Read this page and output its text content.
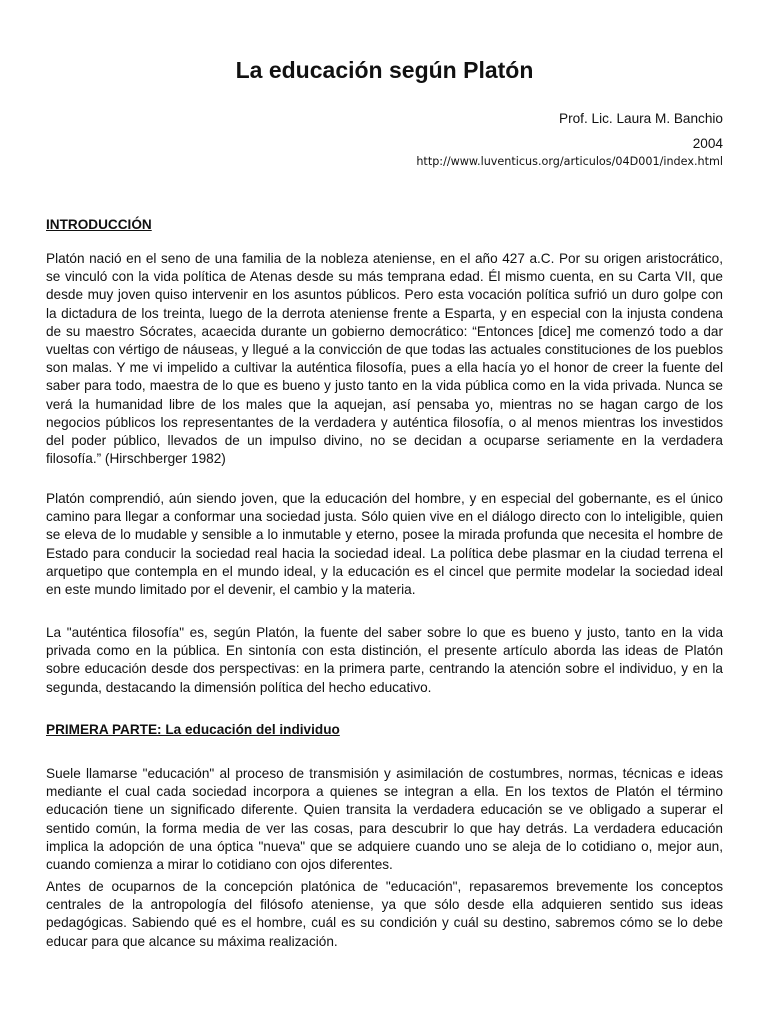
La educación según Platón
Prof. Lic. Laura M. Banchio
2004
http://www.luventicus.org/articulos/04D001/index.html
INTRODUCCIÓN

Platón nació en el seno de una familia de la nobleza ateniense, en el año 427 a.C. Por su origen aristocrático, se vinculó con la vida política de Atenas desde su más temprana edad. Él mismo cuenta, en su Carta VII, que desde muy joven quiso intervenir en los asuntos públicos. Pero esta vocación política sufrió un duro golpe con la dictadura de los treinta, luego de la derrota ateniense frente a Esparta, y en especial con la injusta condena de su maestro Sócrates, acaecida durante un gobierno democrático: “Entonces [dice] me comenzó todo a dar vueltas con vértigo de náuseas, y llegué a la convicción de que todas las actuales constituciones de los pueblos son malas. Y me vi impelido a cultivar la auténtica filosofía, pues a ella hacía yo el honor de creer la fuente del saber para todo, maestra de lo que es bueno y justo tanto en la vida pública como en la vida privada. Nunca se verá la humanidad libre de los males que la aquejan, así pensaba yo, mientras no se hagan cargo de los negocios públicos los representantes de la verdadera y auténtica filosofía, o al menos mientras los investidos del poder público, llevados de un impulso divino, no se decidan a ocuparse seriamente en la verdadera filosofía.” (Hirschberger 1982)

Platón comprendió, aún siendo joven, que la educación del hombre, y en especial del gobernante, es el único camino para llegar a conformar una sociedad justa. Sólo quien vive en el diálogo directo con lo inteligible, quien se eleva de lo mudable y sensible a lo inmutable y eterno, posee la mirada profunda que necesita el hombre de Estado para conducir la sociedad real hacia la sociedad ideal. La política debe plasmar en la ciudad terrena el arquetipo que contempla en el mundo ideal, y la educación es el cincel que permite modelar la sociedad ideal en este mundo limitado por el devenir, el cambio y la materia.

La "auténtica filosofía" es, según Platón, la fuente del saber sobre lo que es bueno y justo, tanto en la vida privada como en la pública. En sintonía con esta distinción, el presente artículo aborda las ideas de Platón sobre educación desde dos perspectivas: en la primera parte, centrando la atención sobre el individuo, y en la segunda, destacando la dimensión política del hecho educativo.

PRIMERA PARTE: La educación del individuo

Suele llamarse "educación" al proceso de transmisión y asimilación de costumbres, normas, técnicas e ideas mediante el cual cada sociedad incorpora a quienes se integran a ella. En los textos de Platón el término educación tiene un significado diferente. Quien transita la verdadera educación se ve obligado a superar el sentido común, la forma media de ver las cosas, para descubrir lo que hay detrás. La verdadera educación implica la adopción de una óptica "nueva" que se adquiere cuando uno se aleja de lo cotidiano o, mejor aun, cuando comienza a mirar lo cotidiano con ojos diferentes.

Antes de ocuparnos de la concepción platónica de "educación", repasaremos brevemente los conceptos centrales de la antropología del filósofo ateniense, ya que sólo desde ella adquieren sentido sus ideas pedagógicas. Sabiendo qué es el hombre, cuál es su condición y cuál su destino, sabremos cómo se lo debe educar para que alcance su máxima realización.
